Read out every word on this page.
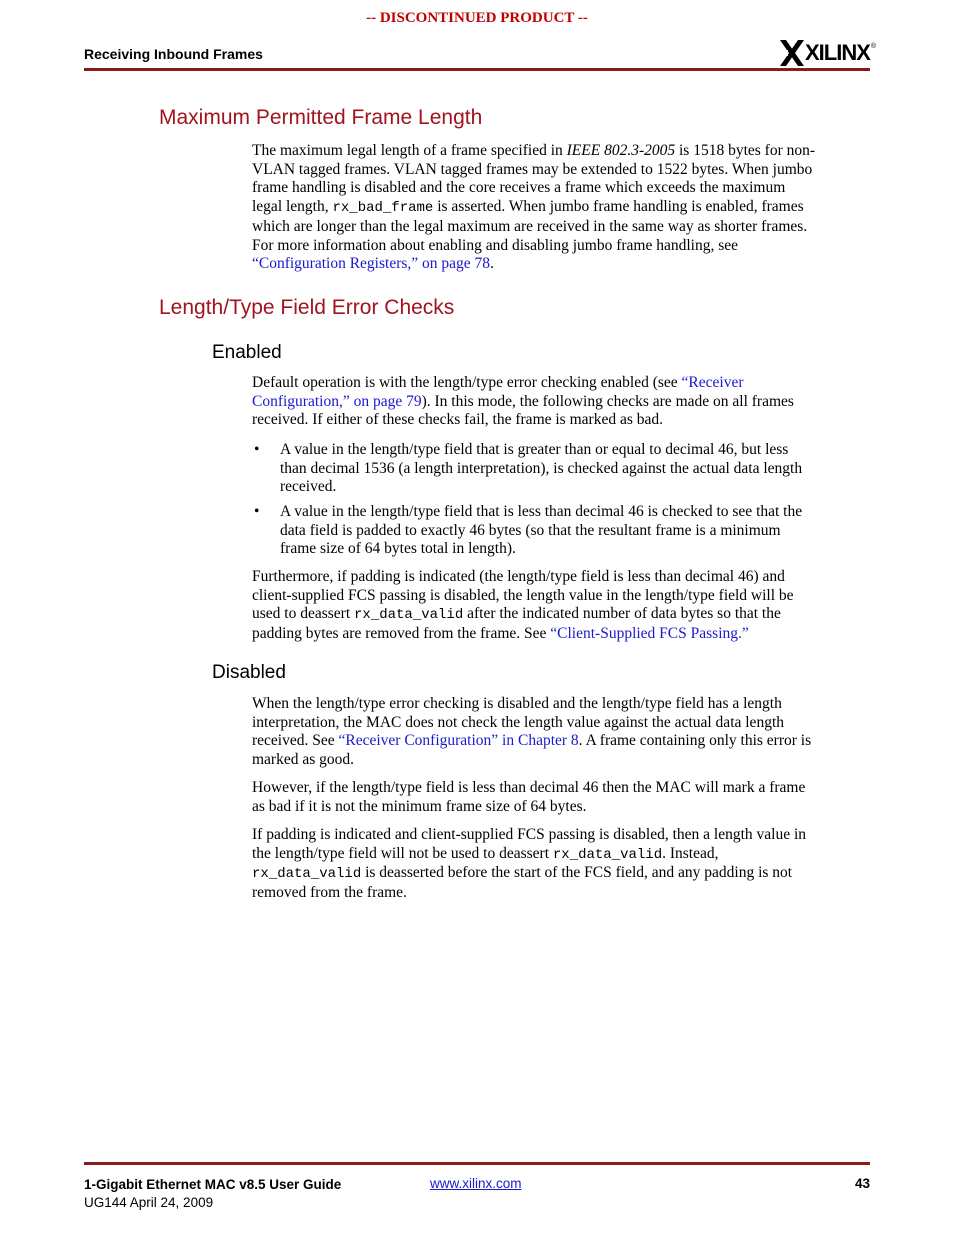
-- DISCONTINUED PRODUCT --
Receiving Inbound Frames	XILINX®
Maximum Permitted Frame Length
The maximum legal length of a frame specified in IEEE 802.3-2005 is 1518 bytes for non-
VLAN tagged frames. VLAN tagged frames may be extended to 1522 bytes. When jumbo
frame handling is disabled and the core receives a frame which exceeds the maximum
legal length, rx_bad_frame is asserted. When jumbo frame handling is enabled, frames
which are longer than the legal maximum are received in the same way as shorter frames.
For more information about enabling and disabling jumbo frame handling, see
“Configuration Registers,” on page 78.
Length/Type Field Error Checks
Enabled
Default operation is with the length/type error checking enabled (see “Receiver
Configuration,” on page 79). In this mode, the following checks are made on all frames
received. If either of these checks fail, the frame is marked as bad.
• A value in the length/type field that is greater than or equal to decimal 46, but less
than decimal 1536 (a length interpretation), is checked against the actual data length
received.
• A value in the length/type field that is less than decimal 46 is checked to see that the
data field is padded to exactly 46 bytes (so that the resultant frame is a minimum
frame size of 64 bytes total in length).
Furthermore, if padding is indicated (the length/type field is less than decimal 46) and
client-supplied FCS passing is disabled, the length value in the length/type field will be
used to deassert rx_data_valid after the indicated number of data bytes so that the
padding bytes are removed from the frame. See “Client-Supplied FCS Passing.”
Disabled
When the length/type error checking is disabled and the length/type field has a length
interpretation, the MAC does not check the length value against the actual data length
received. See “Receiver Configuration” in Chapter 8. A frame containing only this error is
marked as good.
However, if the length/type field is less than decimal 46 then the MAC will mark a frame
as bad if it is not the minimum frame size of 64 bytes.
If padding is indicated and client-supplied FCS passing is disabled, then a length value in
the length/type field will not be used to deassert rx_data_valid. Instead,
rx_data_valid is deasserted before the start of the FCS field, and any padding is not
removed from the frame.
1-Gigabit Ethernet MAC v8.5 User Guide
UG144 April 24, 2009
www.xilinx.com	43
